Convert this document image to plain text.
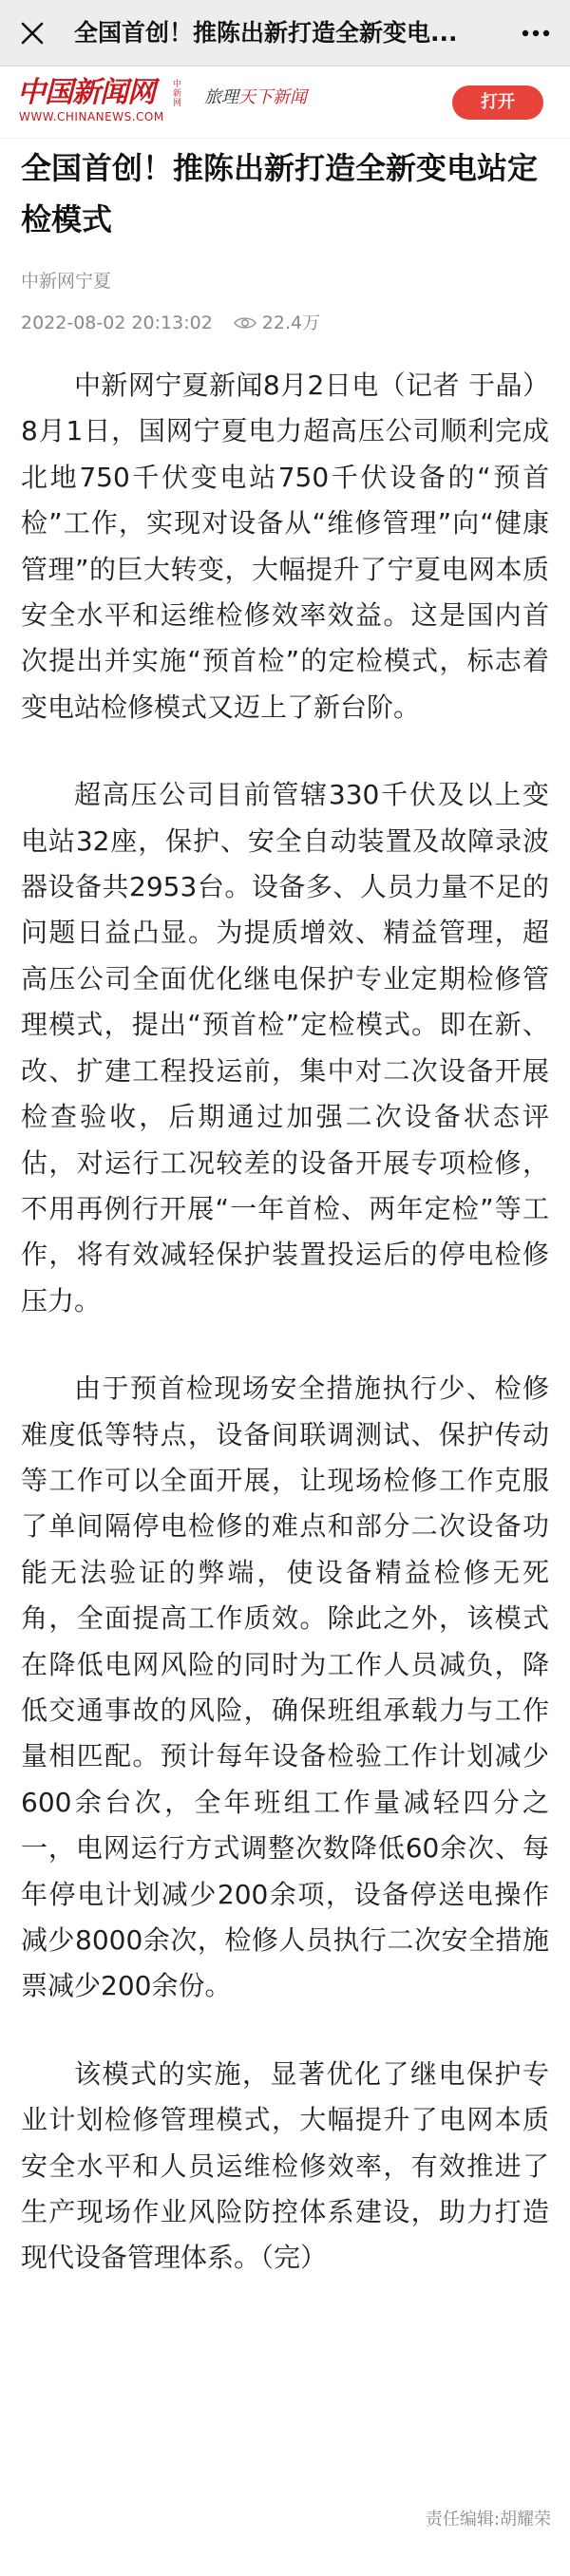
全国首创！推陈出新打造全新变电...
中国新闻网 中新网
WWW.CHINANEWS.COM
旅理天下新闻	打开
全国首创！推陈出新打造全新变电站定检模式
中新网宁夏
2022-08-02 20:13:02	22.4万

中新网宁夏新闻8月2日电（记者 于晶）8月1日，国网宁夏电力超高压公司顺利完成北地750千伏变电站750千伏设备的“预首检”工作，实现对设备从“维修管理”向“健康管理”的巨大转变，大幅提升了宁夏电网本质安全水平和运维检修效率效益。这是国内首次提出并实施“预首检”的定检模式，标志着变电站检修模式又迈上了新台阶。

超高压公司目前管辖330千伏及以上变电站32座，保护、安全自动装置及故障录波器设备共2953台。设备多、人员力量不足的问题日益凸显。为提质增效、精益管理，超高压公司全面优化继电保护专业定期检修管理模式，提出“预首检”定检模式。即在新、改、扩建工程投运前，集中对二次设备开展检查验收，后期通过加强二次设备状态评估，对运行工况较差的设备开展专项检修，不用再例行开展“一年首检、两年定检”等工作，将有效减轻保护装置投运后的停电检修压力。

由于预首检现场安全措施执行少、检修难度低等特点，设备间联调测试、保护传动等工作可以全面开展，让现场检修工作克服了单间隔停电检修的难点和部分二次设备功能无法验证的弊端，使设备精益检修无死角，全面提高工作质效。除此之外，该模式在降低电网风险的同时为工作人员减负，降低交通事故的风险，确保班组承载力与工作量相匹配。预计每年设备检验工作计划减少600余台次，全年班组工作量减轻四分之一，电网运行方式调整次数降低60余次、每年停电计划减少200余项，设备停送电操作减少8000余次，检修人员执行二次安全措施票减少200余份。

该模式的实施，显著优化了继电保护专业计划检修管理模式，大幅提升了电网本质安全水平和人员运维检修效率，有效推进了生产现场作业风险防控体系建设，助力打造现代设备管理体系。（完）

责任编辑:胡耀荣
